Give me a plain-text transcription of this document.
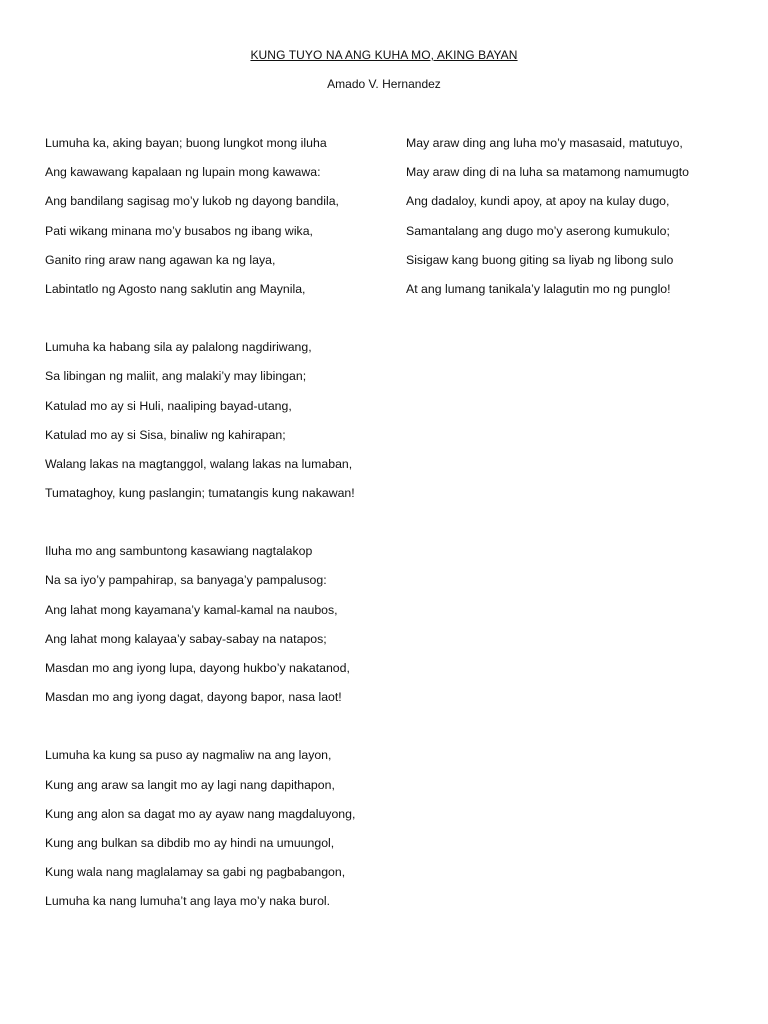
KUNG TUYO NA ANG KUHA MO, AKING BAYAN
Amado V. Hernandez
Lumuha ka, aking bayan; buong lungkot mong iluha
Ang kawawang kapalaan ng lupain mong kawawa:
Ang bandilang sagisag mo’y lukob ng dayong bandila,
Pati wikang minana mo’y busabos ng ibang wika,
Ganito ring araw nang agawan ka ng laya,
Labintatlo ng Agosto nang saklutin ang Maynila,
Lumuha ka habang sila ay palalong nagdiriwang,
Sa libingan ng maliit, ang malaki’y may libingan;
Katulad mo ay si Huli, naaliping bayad-utang,
Katulad mo ay si Sisa, binaliw ng kahirapan;
Walang lakas na magtanggol, walang lakas na lumaban,
Tumataghoy, kung paslangin; tumatangis kung nakawan!
Iluha mo ang sambuntong kasawiang nagtalakop
Na sa iyo’y pampahirap, sa banyaga’y pampalusog:
Ang lahat mong kayamana’y kamal-kamal na naubos,
Ang lahat mong kalayaa’y sabay-sabay na natapos;
Masdan mo ang iyong lupa, dayong hukbo’y nakatanod,
Masdan mo ang iyong dagat, dayong bapor, nasa laot!
Lumuha ka kung sa puso ay nagmaliw na ang layon,
Kung ang araw sa langit mo ay lagi nang dapithapon,
Kung ang alon sa dagat mo ay ayaw nang magdaluyong,
Kung ang bulkan sa dibdib mo ay hindi na umuungol,
Kung wala nang maglalamay sa gabi ng pagbabangon,
Lumuha ka nang lumuha’t ang laya mo’y naka burol.
May araw ding ang luha mo’y masasaid, matutuyo,
May araw ding di na luha sa matamong namumugto
Ang dadaloy, kundi apoy, at apoy na kulay dugo,
Samantalang ang dugo mo’y aserong kumukulo;
Sisigaw kang buong giting sa liyab ng libong sulo
At ang lumang tanikala’y lalagutin mo ng punglo!
